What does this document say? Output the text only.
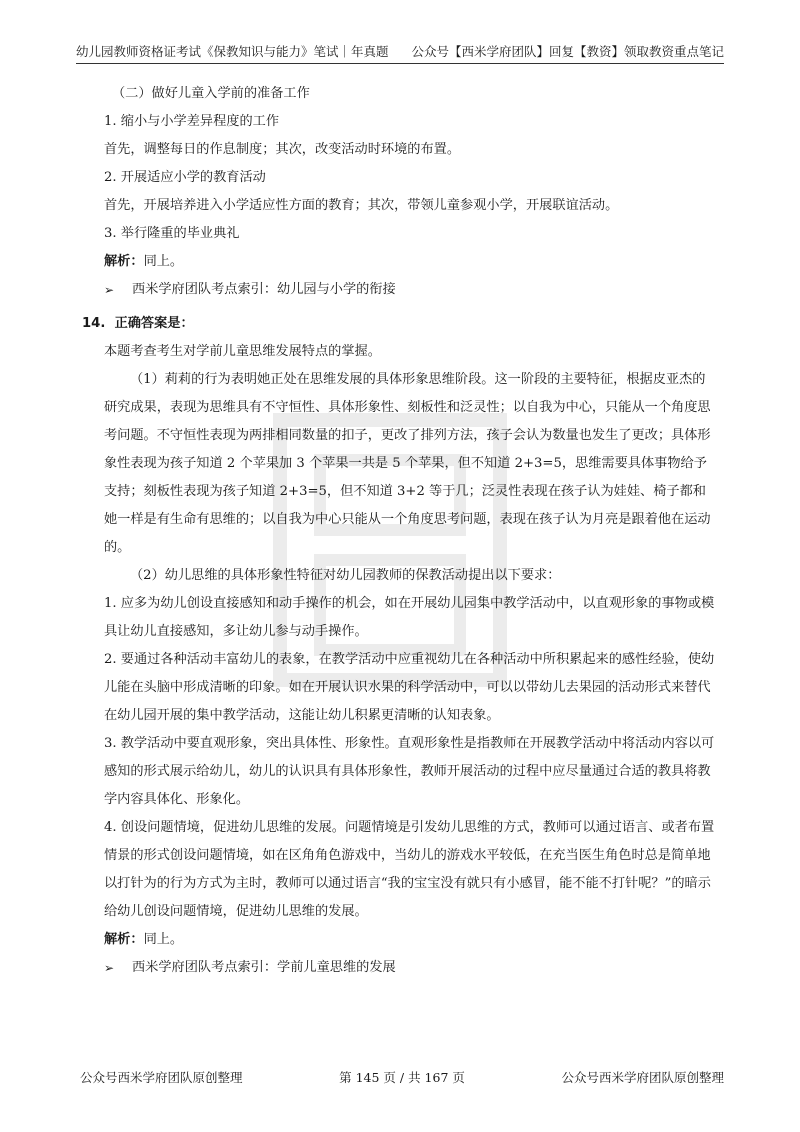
幼儿园教师资格证考试《保教知识与能力》笔试｜年真题 公众号【西米学府团队】回复【教资】领取教资重点笔记

（二）做好儿童入学前的准备工作

1. 缩小与小学差异程度的工作

首先，调整每日的作息制度；其次，改变活动时环境的布置。

2. 开展适应小学的教育活动

首先，开展培养进入小学适应性方面的教育；其次，带领儿童参观小学，开展联谊活动。

3. 举行隆重的毕业典礼

解析：同上。

➢	西米学府团队考点索引：幼儿园与小学的衔接

14. 正确答案是：

本题考查考生对学前儿童思维发展特点的掌握。

（1）莉莉的行为表明她正处在思维发展的具体形象思维阶段。这一阶段的主要特征，根据皮亚杰的研究成果，表现为思维具有不守恒性、具体形象性、刻板性和泛灵性；以自我为中心，只能从一个角度思考问题。不守恒性表现为两排相同数量的扣子，更改了排列方法，孩子会认为数量也发生了更改；具体形象性表现为孩子知道 2 个苹果加 3 个苹果一共是 5 个苹果，但不知道 2+3=5，思维需要具体事物给予支持；刻板性表现为孩子知道 2+3=5，但不知道 3+2 等于几；泛灵性表现在孩子认为娃娃、椅子都和她一样是有生命有思维的；以自我为中心只能从一个角度思考问题，表现在孩子认为月亮是跟着他在运动的。

（2）幼儿思维的具体形象性特征对幼儿园教师的保教活动提出以下要求：

1. 应多为幼儿创设直接感知和动手操作的机会，如在开展幼儿园集中教学活动中，以直观形象的事物或模具让幼儿直接感知，多让幼儿参与动手操作。

2. 要通过各种活动丰富幼儿的表象，在教学活动中应重视幼儿在各种活动中所积累起来的感性经验，使幼儿能在头脑中形成清晰的印象。如在开展认识水果的科学活动中，可以以带幼儿去果园的活动形式来替代在幼儿园开展的集中教学活动，这能让幼儿积累更清晰的认知表象。

3. 教学活动中要直观形象，突出具体性、形象性。直观形象性是指教师在开展教学活动中将活动内容以可感知的形式展示给幼儿，幼儿的认识具有具体形象性，教师开展活动的过程中应尽量通过合适的教具将教学内容具体化、形象化。

4. 创设问题情境，促进幼儿思维的发展。问题情境是引发幼儿思维的方式，教师可以通过语言、或者布置情景的形式创设问题情境，如在区角角色游戏中，当幼儿的游戏水平较低，在充当医生角色时总是简单地以打针为的行为方式为主时，教师可以通过语言“我的宝宝没有就只有小感冒，能不能不打针呢？”的暗示给幼儿创设问题情境，促进幼儿思维的发展。

解析：同上。

➢	西米学府团队考点索引：学前儿童思维的发展

公众号西米学府团队原创整理	第 145 页 / 共 167 页	公众号西米学府团队原创整理
